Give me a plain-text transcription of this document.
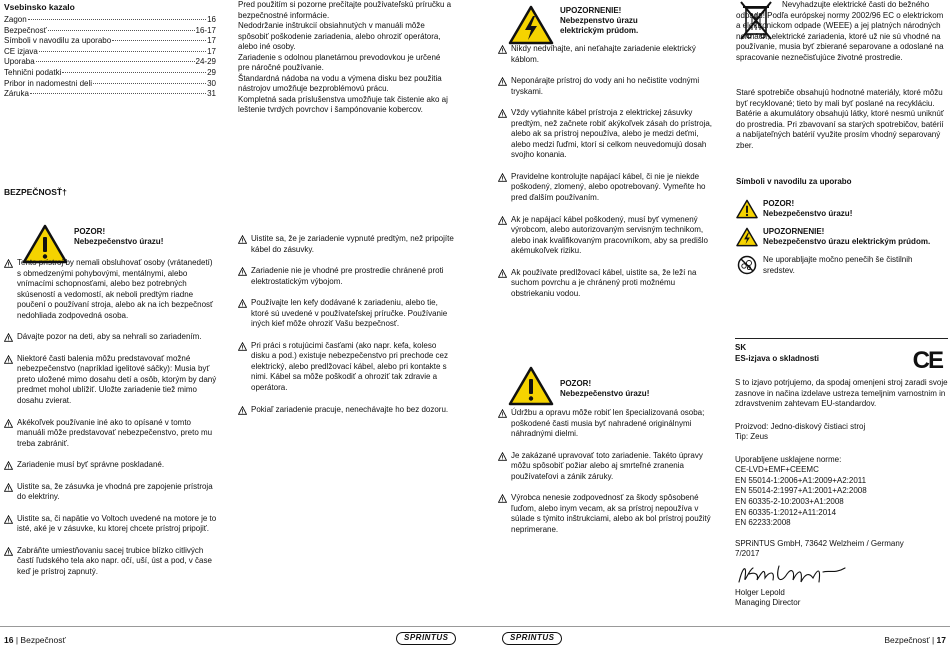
Vsebinsko kazalo
Zagon	16
Bezpečnosť	16-17
Símboli v navodilu za uporabo	17
CE izjava	17
Uporaba	24-29
Tehnični podatki	29
Pribor in nadomestni deli	30
Záruka	31
BEZPEČNOSŤ†
POZOR!
Nebezpečenstvo úrazu!
Tento prístroj by nemali obsluhovať osoby (vrátanedetí) s obmedzenými pohybovými, mentálnymi, alebo vnímacími schopnosťami, alebo bez potrebných skúseností a vedomostí, ak neboli predtým riadne poučení o používaní stroja, alebo ak na ich bezpečnosť nedohliada zodpovedná osoba.
Dávajte pozor na deti, aby sa nehrali so zariadením.
Niektoré časti balenia môžu predstavovať možné nebezpečenstvo (napríklad igelitové sáčky): Musia byť preto uložené mimo dosahu detí a osôb, ktorým by daný predmet mohol ublížiť. Uložte zariadenie tiež mimo dosahu zvierat.
Akékoľvek používanie iné ako to opísané v tomto manuáli môže predstavovať nebezpečenstvo, preto mu treba zabrániť.
Zariadenie musí byť správne poskladané.
Uistite sa, že zásuvka je vhodná pre zapojenie prístroja do elektriny.
Uistite sa, či napätie vo Voltoch uvedené na motore je to isté, aké je v zásuvke, ku ktorej chcete prístroj pripojiť.
Zabráňte umiestňovaniu sacej trubice blízko citlivých častí ľudského tela ako napr. očí, uší, úst a pod, v čase keď je prístroj zapnutý.
Pred použitím si pozorne prečítajte používateľskú príručku a bezpečnostné informácie.
Nedodržanie inštrukcií obsiahnutých v manuáli môže spôsobiť poškodenie zariadenia, alebo ohroziť operátora, alebo iné osoby.
Zariadenie s odolnou planetárnou prevodovkou je určené pre náročné používanie.
Štandardná nádoba na vodu a výmena disku bez použitia nástrojov umožňuje bezproblémovú prácu.
Kompletná sada príslušenstva umožňuje tak čistenie ako aj leštenie tvrdých povrchov i šampónovanie kobercov.
Uistite sa, že je zariadenie vypnuté predtým, než pripojíte kábel do zásuvky.
Zariadenie nie je vhodné pre prostredie chránené proti elektrostatickým výbojom.
Používajte len kefy dodávané k zariadeniu, alebo tie, ktoré sú uvedené v používateľskej príručke. Používanie iných kief môže ohroziť Vašu bezpečnosť.
Pri práci s rotujúcimi časťami (ako napr. kefa, koleso disku a pod.) existuje nebezpečenstvo pri prechode cez elektrický, alebo predlžovací kábel, alebo pri kontakte s nimi. Kábel sa môže poškodiť a ohroziť tak zdravie a operátora.
Pokiaľ zariadenie pracuje, nenechávajte ho bez dozoru.
UPOZORNENIE!
Nebezpenstvo úrazu elektrickým prúdom.
Nikdy nedvíhajte, ani neťahajte zariadenie elektrický káblom.
Neponárajte prístroj do vody ani ho nečistite vodnými tryskami.
Vždy vytiahnite kábel prístroja z elektrickej zásuvky predtým, než začnete robiť akýkoľvek zásah do prístroja, alebo ak sa prístroj nepoužíva, alebo je medzi deťmi, alebo medzi ľuďmi, ktorí si celkom neuvedomujú dosah svojho konania.
Pravidelne kontrolujte napájací kábel, či nie je niekde poškodený, zlomený, alebo opotrebovaný. Vymeňte ho pred ďalším používaním.
Ak je napájací kábel poškodený, musí byť vymenený výrobcom, alebo autorizovaným servisným technikom, alebo inak kvalifikovaným pracovníkom, aby sa predišlo akémukoľvek riziku.
Ak používate predlžovací kábel, uistite sa, že leží na suchom povrchu a je chránený proti možnému obstriekaniu vodou.
POZOR!
Nebezpečenstvo úrazu!
Údržbu a opravu môže robiť len špecializovaná osoba; poškodené časti musia byť nahradené originálnymi náhradnými dielmi.
Je zakázané upravovať toto zariadenie. Takéto úpravy môžu spôsobiť požiar alebo aj smrteľné zranenia používateľovi a zánik záruky.
Výrobca nenesie zodpovednosť za škody spôsobené ľuďom, alebo inym vecam, ak sa prístroj nepoužíva v súlade s týmito inštrukciami, alebo ak bol prístroj použitý neprimerane.
Nevyhadzujte elektrické časti do bežného odpadu! Podľa európskej normy 2002/96 EC o elektrickom a elektronickom odpade (WEEE) a jej platných národných normách, elektrické zariadenia, ktoré už nie sú vhodné na používanie, musia byť zbierané separovane a odoslané na spracovanie neznečisťujúce životné prostredie.
Staré spotrebiče obsahujú hodnotné materiály, ktoré môžu byť recyklované; tieto by mali byť poslané na recykláciu. Batérie a akumulátory obsahujú látky, ktoré nesmú uniknúť do prostredia. Pri zbavovaní sa starých spotrebičov, batérií a nabíjateľných batérií využite prosím vhodný separovaný zber.
Símboli v navodilu za uporabo
POZOR!
Nebezpečenstvo úrazu!
UPOZORNENIE!
Nebezpečenstvo úrazu elektrickým prúdom.
Ne uporabljajte močno penečih še čistilnih sredstev.
SK
ES-izjava o skladnosti	CE
S to izjavo potrjujemo, da spodaj omenjeni stroj zaradi svoje zasnove in načina izdelave ustreza temeljnim varnostnim in zdravstvenim zahtevam EU-standardov.
Proizvod: Jedno-diskový čistiaci stroj
Tip: Zeus
Uporabljene usklajene norme:
CE-LVD+EMF+CEEMC
EN 55014-1:2006+A1:2009+A2:2011
EN 55014-2:1997+A1:2001+A2:2008
EN 60335-2-10:2003+A1:2008
EN 60335-1:2012+A11:2014
EN 62233:2008
SPRiNTUS GmbH, 73642 Welzheim / Germany
7/2017
Holger Lepold
Managing Director
16 | Bezpečnosť	SPRINTUS	SPRINTUS	Bezpečnosť | 17
